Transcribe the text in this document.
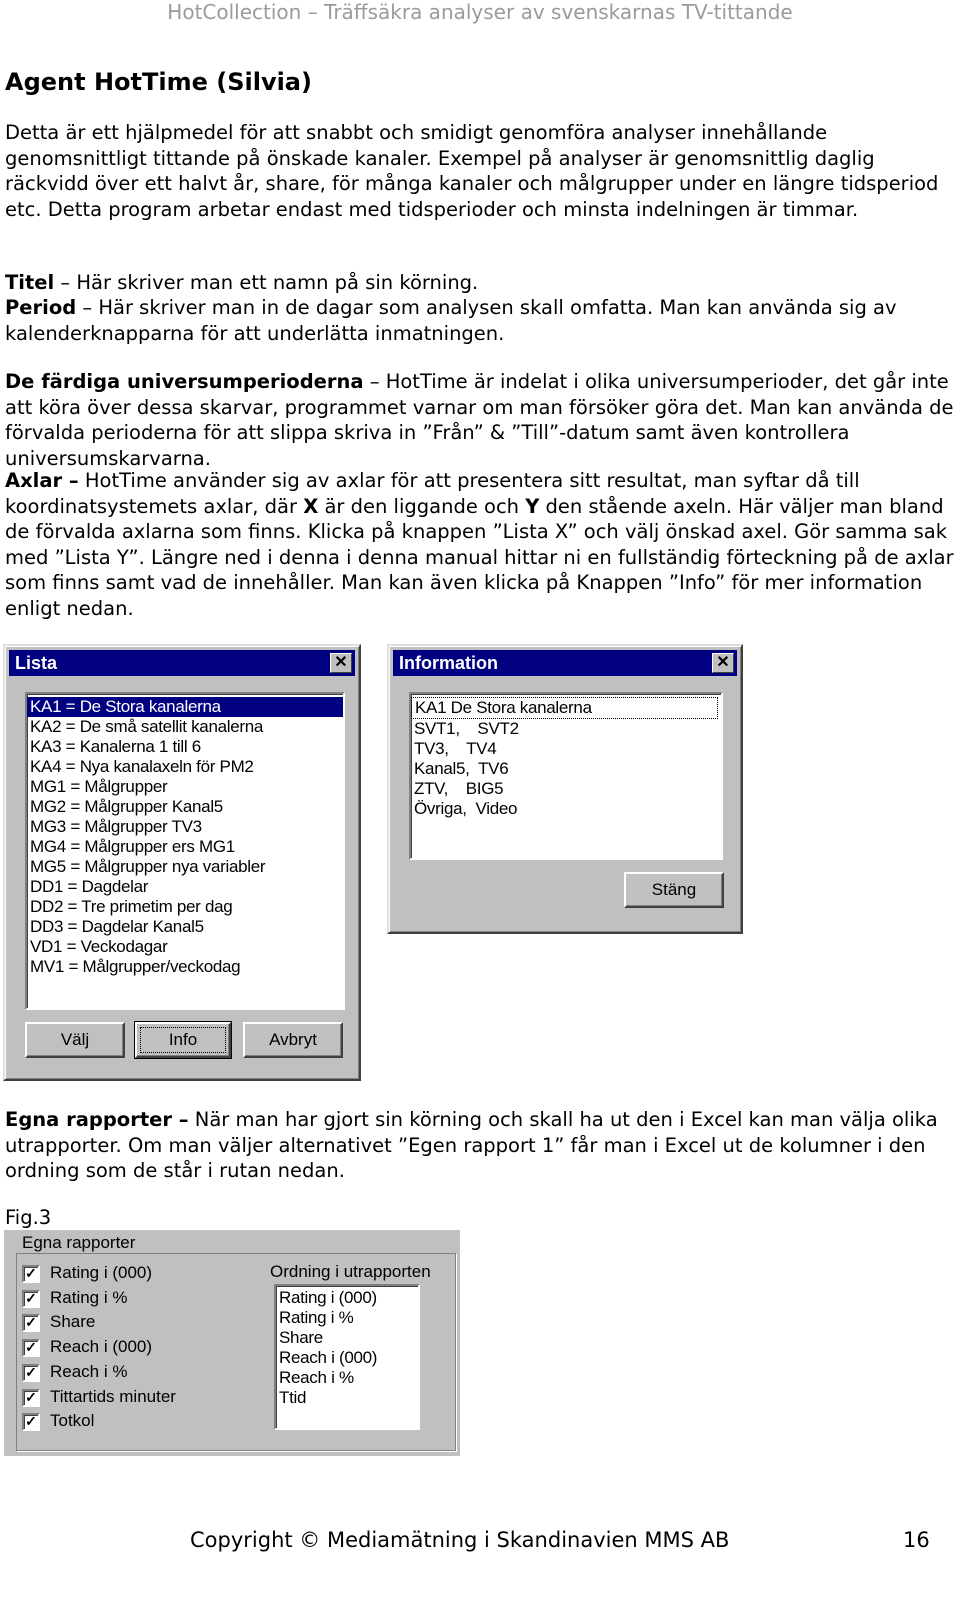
HotCollection – Träffsäkra analyser av svenskarnas TV-tittande
Agent HotTime (Silvia)

Detta är ett hjälpmedel för att snabbt och smidigt genomföra analyser innehållande genomsnittligt tittande på önskade kanaler. Exempel på analyser är genomsnittlig daglig räckvidd över ett halvt år, share, för många kanaler och målgrupper under en längre tidsperiod etc. Detta program arbetar endast med tidsperioder och minsta indelningen är timmar.

Titel – Här skriver man ett namn på sin körning.

Period – Här skriver man in de dagar som analysen skall omfatta. Man kan använda sig av kalenderknapparna för att underlätta inmatningen.

De färdiga universumperioderna – HotTime är indelat i olika universumperioder, det går inte att köra över dessa skarvar, programmet varnar om man försöker göra det. Man kan använda de förvalda perioderna för att slippa skriva in ”Från” & ”Till”-datum samt även kontrollera universumskarvarna.

Axlar – HotTime använder sig av axlar för att presentera sitt resultat, man syftar då till koordinatsystemets axlar, där X är den liggande och Y den stående axeln. Här väljer man bland de förvalda axlarna som finns. Klicka på knappen ”Lista X” och välj önskad axel. Gör samma sak med ”Lista Y”. Längre ned i denna i denna manual hittar ni en fullständig förteckning på de axlar som finns samt vad de innehåller. Man kan även klicka på Knappen ”Info” för mer information enligt nedan.

Lista	✕
KA1 = De Stora kanalerna
KA2 = De små satellit kanalerna
KA3 = Kanalerna 1 till 6
KA4 = Nya kanalaxeln för PM2
MG1 = Målgrupper
MG2 = Målgrupper Kanal5
MG3 = Målgrupper TV3
MG4 = Målgrupper ers MG1
MG5 = Målgrupper nya variabler
DD1 = Dagdelar
DD2 = Tre primetim per dag
DD3 = Dagdelar Kanal5
VD1 = Veckodagar
MV1 = Målgrupper/veckodag
Välj	Info	Avbryt
Information	✕
KA1 De Stora kanalerna
SVT1,    SVT2
TV3,    TV4
Kanal5,  TV6
ZTV,    BIG5
Övriga,  Video
Stäng

Egna rapporter – När man har gjort sin körning och skall ha ut den i Excel kan man välja olika utrapporter. Om man väljer alternativet ”Egen rapport 1” får man i Excel ut de kolumner i den ordning som de står i rutan nedan.

Fig.3
Egna rapporter
✓ Rating i (000)
✓ Rating i %
✓ Share
✓ Reach i (000)
✓ Reach i %
✓ Tittartids minuter
✓ Totkol
Ordning i utrapporten
Rating i (000)
Rating i %
Share
Reach i (000)
Reach i %
Ttid
Copyright © Mediamätning i Skandinavien MMS AB	16
